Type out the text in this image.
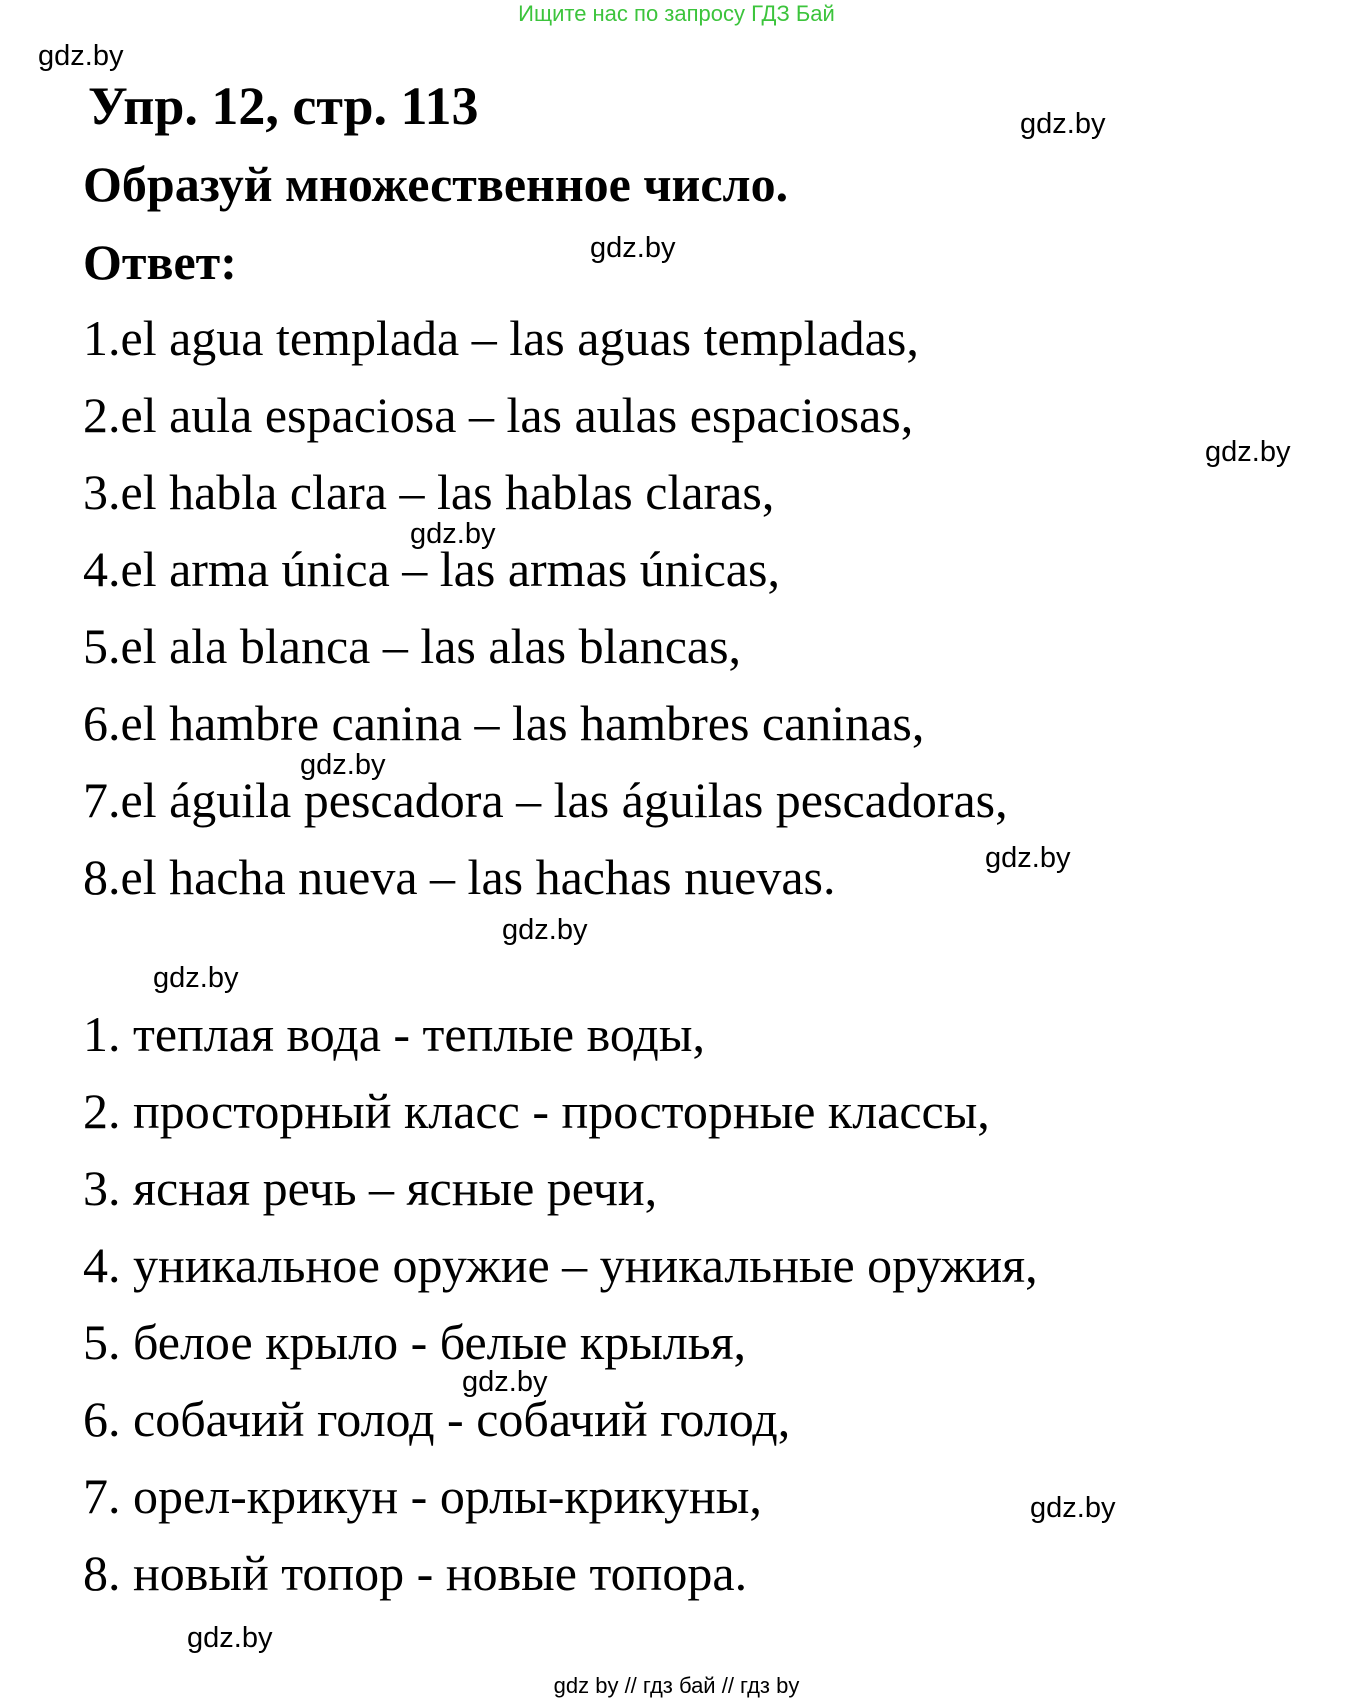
Ищите нас по запросу ГДЗ Бай
gdz.by
gdz.by
gdz.by
gdz.by
gdz.by
gdz.by
gdz.by
gdz.by
gdz.by
gdz.by
gdz.by
gdz.by
Упр. 12, стр. 113
Образуй множественное число.
Ответ:
1.el agua templada – las aguas templadas,
2.el aula espaciosa – las aulas espaciosas,
3.el habla clara – las hablas claras,
4.el arma única – las armas únicas,
5.el ala blanca – las alas blancas,
6.el hambre canina – las hambres caninas,
7.el águila pescadora – las águilas pescadoras,
8.el hacha nueva – las hachas nuevas.
1. теплая вода - теплые воды,
2. просторный класс - просторные классы,
3. ясная речь – ясные речи,
4. уникальное оружие – уникальные оружия,
5. белое крыло - белые крылья,
6. собачий голод - собачий голод,
7. орел-крикун - орлы-крикуны,
8. новый топор - новые топора.
gdz by // гдз бай // гдз by
